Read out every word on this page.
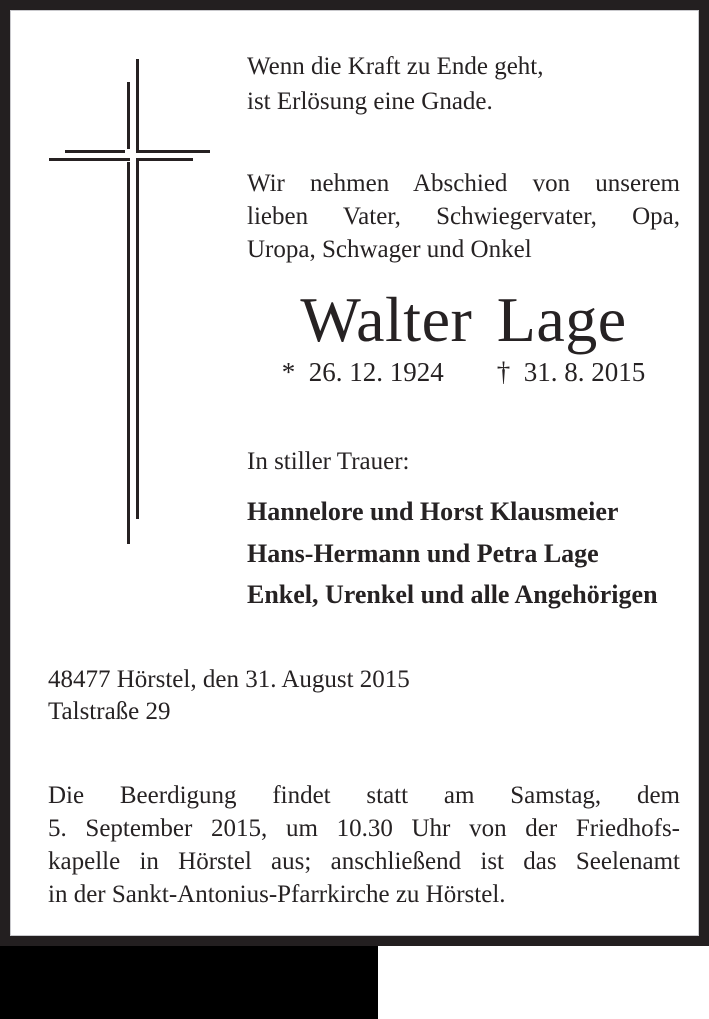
Wenn die Kraft zu Ende geht,
ist Erlösung eine Gnade.
Wir nehmen Abschied von unserem
lieben Vater, Schwiegervater, Opa,
Uropa, Schwager und Onkel
Walter Lage
*  26. 12. 1924 †  31. 8. 2015
In stiller Trauer:
Hannelore und Horst Klausmeier
Hans-Hermann und Petra Lage
Enkel, Urenkel und alle Angehörigen
48477 Hörstel, den 31. August 2015
Talstraße 29
Die Beerdigung findet statt am Samstag, dem
5. September 2015, um 10.30 Uhr von der Friedhofs-
kapelle in Hörstel aus; anschließend ist das Seelenamt
in der Sankt-Antonius-Pfarrkirche zu Hörstel.
